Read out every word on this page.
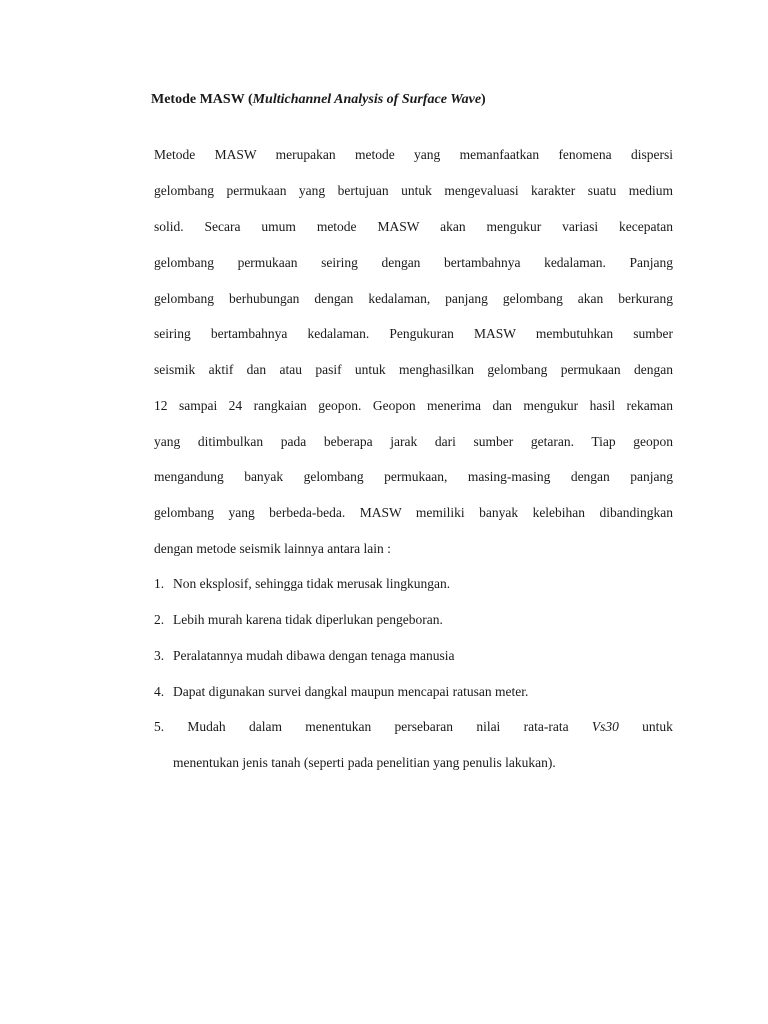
Metode MASW (Multichannel Analysis of Surface Wave)
Metode MASW merupakan metode yang memanfaatkan fenomena dispersi
gelombang permukaan yang bertujuan untuk mengevaluasi karakter suatu medium
solid. Secara umum metode MASW akan mengukur variasi kecepatan
gelombang permukaan seiring dengan bertambahnya kedalaman. Panjang
gelombang berhubungan dengan kedalaman, panjang gelombang akan berkurang
seiring bertambahnya kedalaman. Pengukuran MASW membutuhkan sumber
seismik aktif dan atau pasif untuk menghasilkan gelombang permukaan dengan
12 sampai 24 rangkaian geopon. Geopon menerima dan mengukur hasil rekaman
yang ditimbulkan pada beberapa jarak dari sumber getaran. Tiap geopon
mengandung banyak gelombang permukaan, masing-masing dengan panjang
gelombang yang berbeda-beda. MASW memiliki banyak kelebihan dibandingkan
dengan metode seismik lainnya antara lain :
1. Non eksplosif, sehingga tidak merusak lingkungan.
2. Lebih murah karena tidak diperlukan pengeboran.
3. Peralatannya mudah dibawa dengan tenaga manusia
4. Dapat digunakan survei dangkal maupun mencapai ratusan meter.
5. Mudah dalam menentukan persebaran nilai rata-rata Vs30 untuk
menentukan jenis tanah (seperti pada penelitian yang penulis lakukan).
